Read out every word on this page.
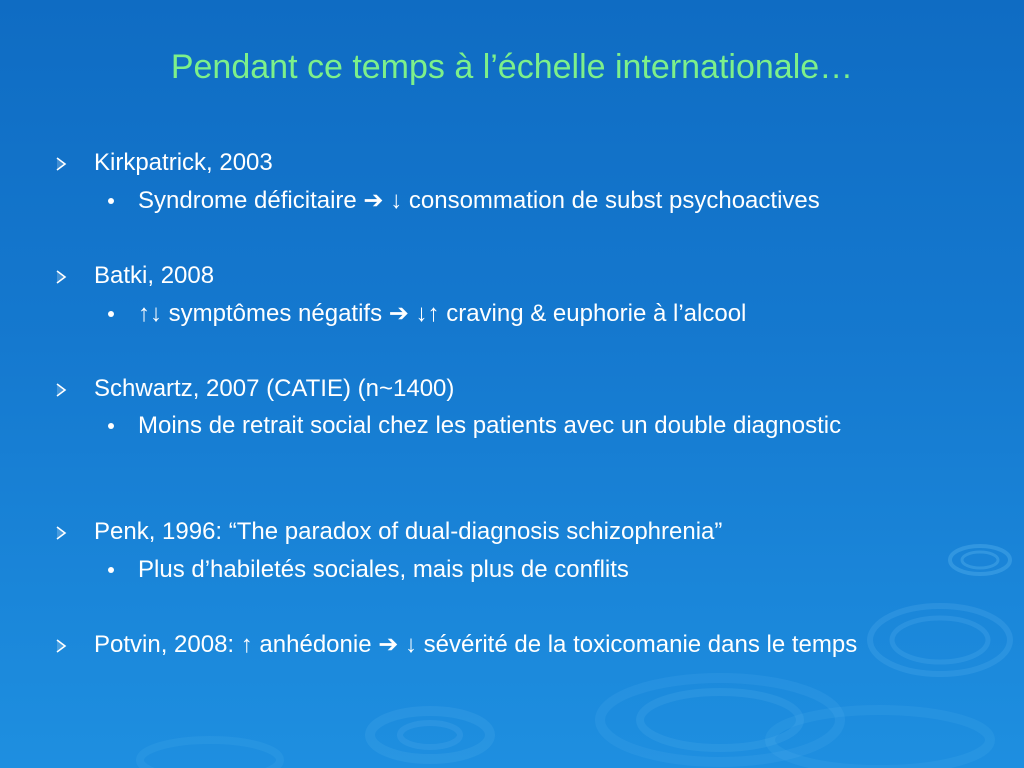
Pendant ce temps à l’échelle internationale…
Kirkpatrick, 2003
Syndrome déficitaire ➔ ↓ consommation de subst psychoactives
Batki, 2008
↑↓ symptômes négatifs ➔ ↓↑ craving & euphorie à l’alcool
Schwartz, 2007 (CATIE) (n~1400)
Moins de retrait social chez les patients avec un double diagnostic
Penk, 1996: “The paradox of dual-diagnosis schizophrenia”
Plus d’habiletés sociales, mais plus de conflits
Potvin, 2008: ↑ anhédonie ➔ ↓ sévérité de la toxicomanie dans le temps
